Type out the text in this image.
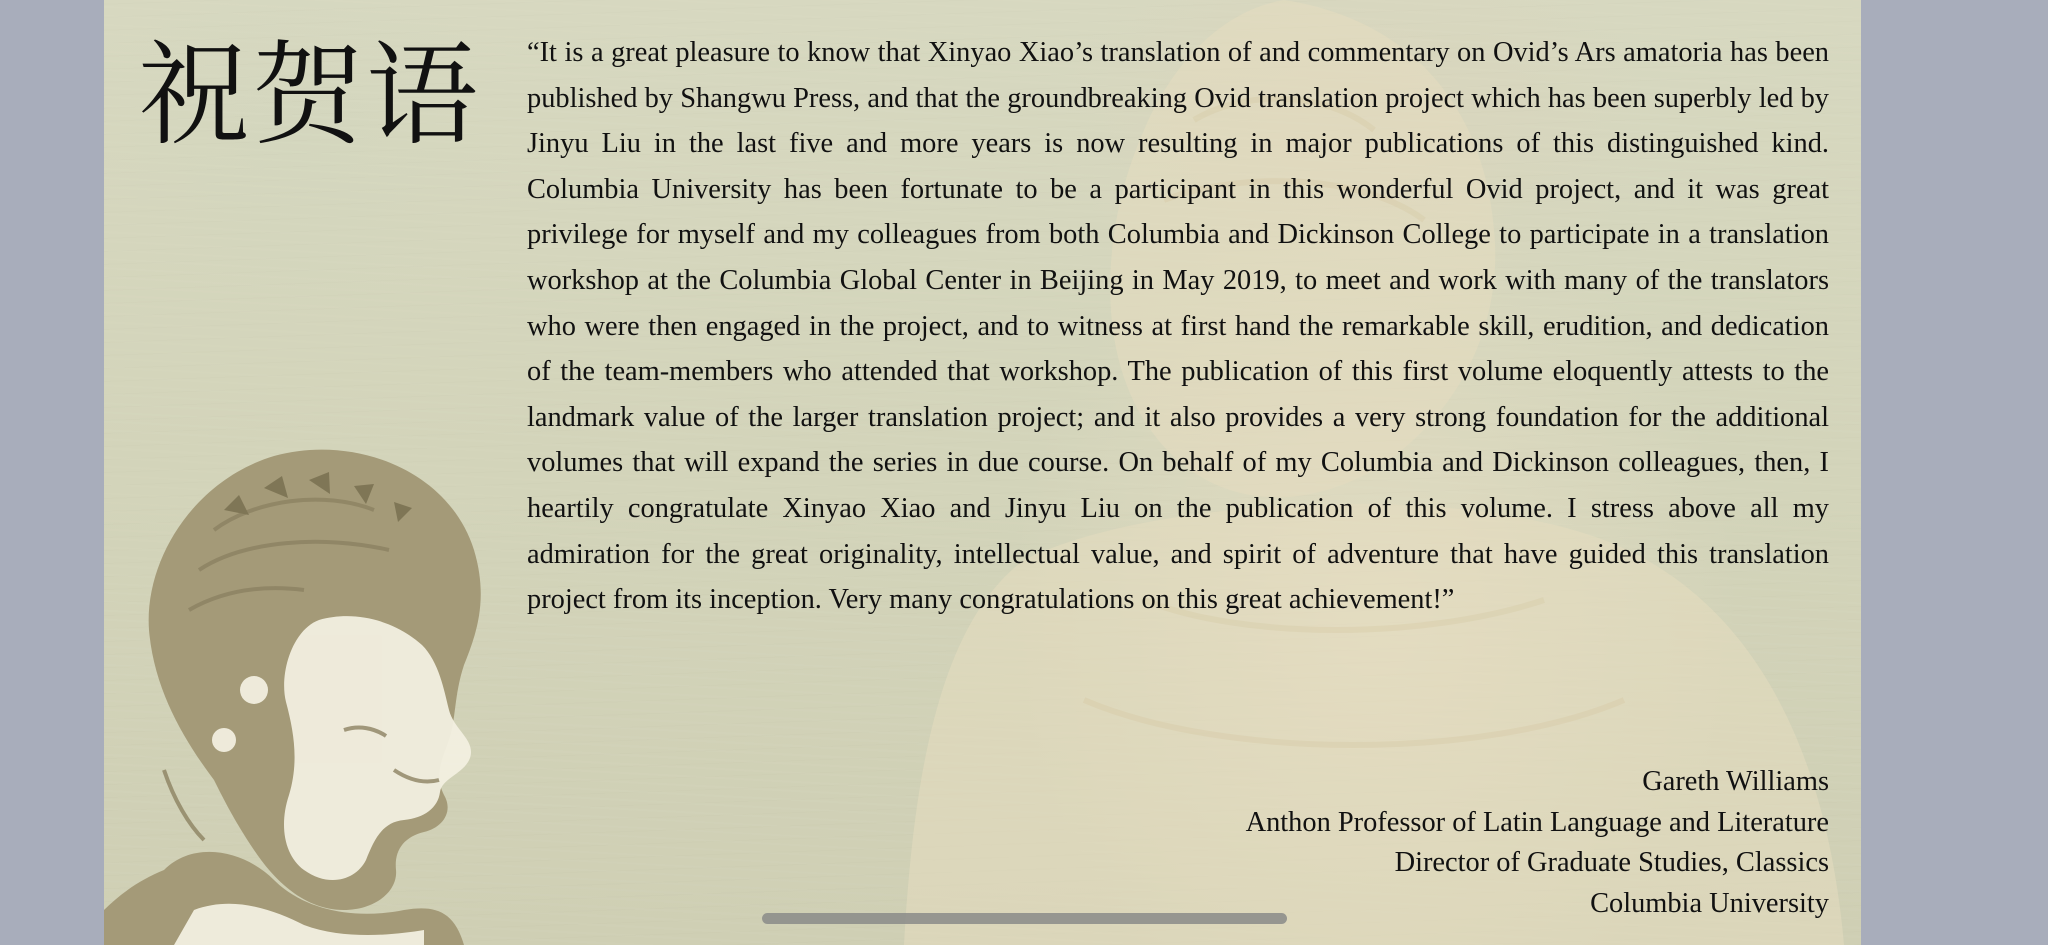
祝贺语 “It is a great pleasure to know that Xinyao Xiao’s translation of and commentary on Ovid’s Ars amatoria has been published by Shangwu Press, and that the groundbreaking Ovid translation project which has been superbly led by Jinyu Liu in the last five and more years is now resulting in major publications of this distinguished kind. Columbia University has been fortunate to be a participant in this wonderful Ovid project, and it was great privilege for myself and my colleagues from both Columbia and Dickinson College to participate in a translation workshop at the Columbia Global Center in Beijing in May 2019, to meet and work with many of the translators who were then engaged in the project, and to witness at first hand the remarkable skill, erudition, and dedication of the team-members who attended that workshop. The publication of this first volume eloquently attests to the landmark value of the larger translation project; and it also provides a very strong foundation for the additional volumes that will expand the series in due course. On behalf of my Columbia and Dickinson colleagues, then, I heartily congratulate Xinyao Xiao and Jinyu Liu on the publication of this volume. I stress above all my admiration for the great originality, intellectual value, and spirit of adventure that have guided this translation project from its inception. Very many congratulations on this great achievement!”

Gareth Williams
Anthon Professor of Latin Language and Literature
Director of Graduate Studies, Classics
Columbia University
